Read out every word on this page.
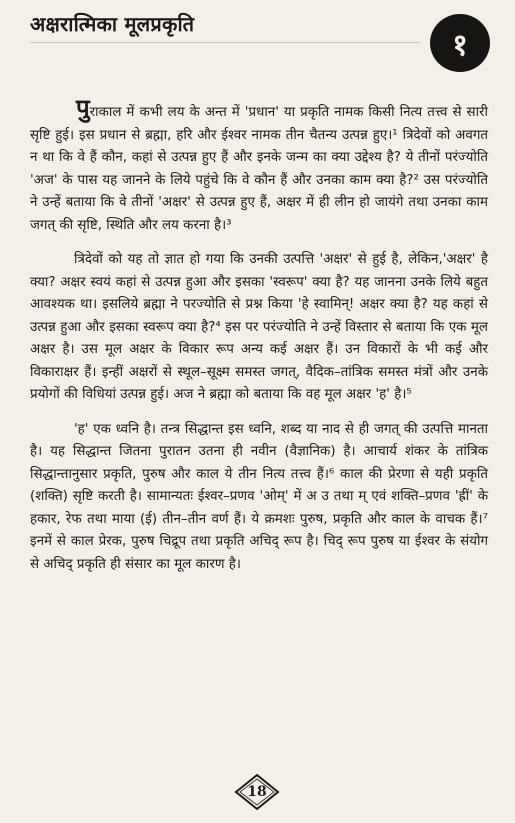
अक्षरात्मिका मूलप्रकृति
१

पुराकाल में कभी लय के अन्त में 'प्रधान' या प्रकृति नामक किसी नित्य तत्त्व से सारी सृष्टि हुई। इस प्रधान से ब्रह्मा, हरि और ईश्वर नामक तीन चैतन्य उत्पन्न हुए।¹ त्रिदेवों को अवगत न था कि वे हैं कौन, कहां से उत्पन्न हुए हैं और इनके जन्म का क्या उद्देश्य है? ये तीनों परंज्योति 'अज' के पास यह जानने के लिये पहुंचे कि वे कौन हैं और उनका काम क्या है?² उस परंज्योति ने उन्हें बताया कि वे तीनों 'अक्षर' से उत्पन्न हुए हैं, अक्षर में ही लीन हो जायंगे तथा उनका काम जगत् की सृष्टि, स्थिति और लय करना है।³

त्रिदेवों को यह तो ज्ञात हो गया कि उनकी उत्पत्ति 'अक्षर' से हुई है, लेकिन,'अक्षर' है क्या? अक्षर स्वयं कहां से उत्पन्न हुआ और इसका 'स्वरूप' क्या है? यह जानना उनके लिये बहुत आवश्यक था। इसलिये ब्रह्मा ने परज्योति से प्रश्न किया 'हे स्वामिन्! अक्षर क्या है? यह कहां से उत्पन्न हुआ और इसका स्वरूप क्या है?⁴ इस पर परंज्योति ने उन्हें विस्तार से बताया कि एक मूल अक्षर है। उस मूल अक्षर के विकार रूप अन्य कई अक्षर हैं। उन विकारों के भी कई और विकाराक्षर हैं। इन्हीं अक्षरों से स्थूल–सूक्ष्म समस्त जगत्, वैदिक–तांत्रिक समस्त मंत्रों और उनके प्रयोगों की विधियां उत्पन्न हुई। अज ने ब्रह्मा को बताया कि वह मूल अक्षर 'ह' है।⁵

'ह' एक ध्वनि है। तन्त्र सिद्धान्त इस ध्वनि, शब्द या नाद से ही जगत् की उत्पत्ति मानता है। यह सिद्धान्त जितना पुरातन उतना ही नवीन (वैज्ञानिक) है। आचार्य शंकर के तांत्रिक सिद्धान्तानुसार प्रकृति, पुरुष और काल ये तीन नित्य तत्त्व हैं।⁶ काल की प्रेरणा से यही प्रकृति (शक्ति) सृष्टि करती है। सामान्यतः ईश्वर–प्रणव 'ओम्' में अ उ तथा म् एवं शक्ति–प्रणव 'ह्रीं' के हकार, रेफ तथा माया (ई) तीन–तीन वर्ण हैं। ये क्रमशः पुरुष, प्रकृति और काल के वाचक हैं।⁷ इनमें से काल प्रेरक, पुरुष चिद्रूप तथा प्रकृति अचिद् रूप है। चिद् रूप पुरुष या ईश्वर के संयोग से अचिद् प्रकृति ही संसार का मूल कारण है।

18
